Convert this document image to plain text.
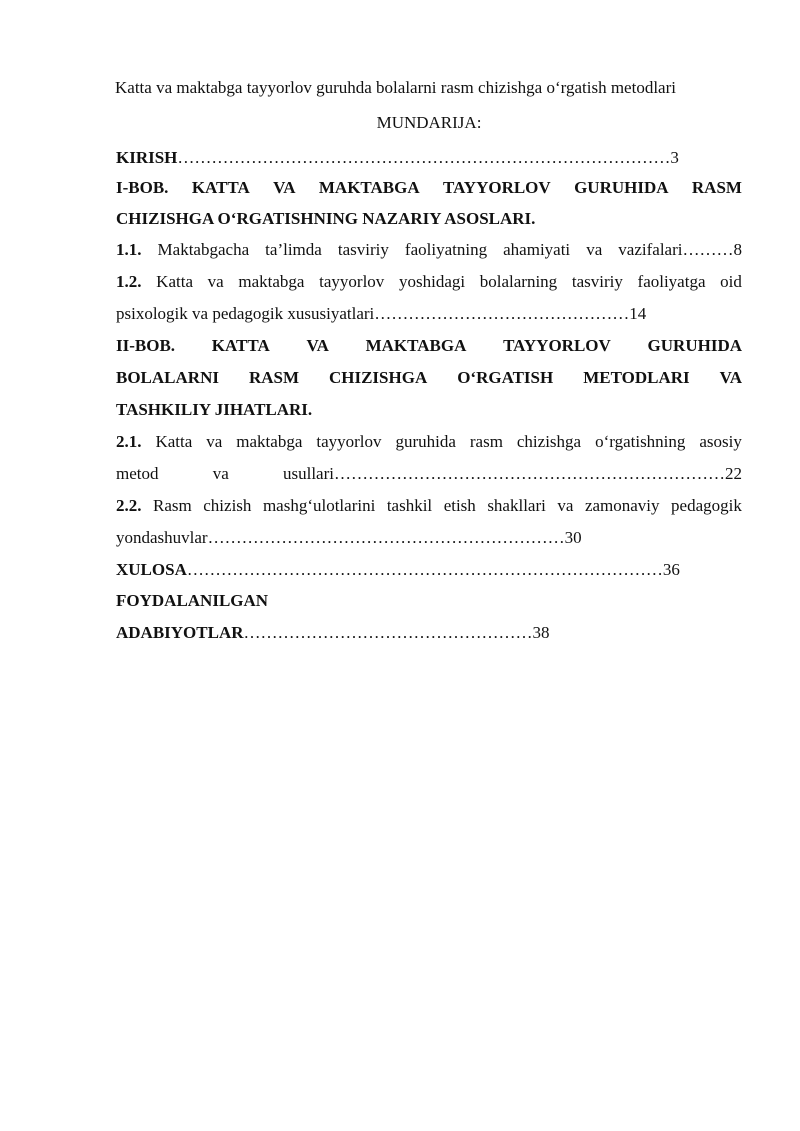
Katta va maktabga tayyorlov guruhda bolalarni rasm chizishga o‘rgatish metodlari
MUNDARIJA:
KIRISH……………………………………………………………………………3
I-BOB. KATTA VA MAKTABGA TAYYORLOV GURUHIDA RASM
CHIZISHGA O‘RGATISHNING NAZARIY ASOSLARI.
1.1. Maktabgacha ta’limda tasviriy faoliyatning ahamiyati va vazifalari………8
1.2. Katta va maktabga tayyorlov yoshidagi bolalarning tasviriy faoliyatga oid
psixologik va pedagogik xususiyatlari………………………………………14
II-BOB. KATTA VA MAKTABGA TAYYORLOV GURUHIDA
BOLALARNI RASM CHIZISHGA O‘RGATISH METODLARI VA
TASHKILIY JIHATLARI.
2.1. Katta va maktabga tayyorlov guruhida rasm chizishga o‘rgatishning asosiy
metod	va	usullari……………………………………………………………22
2.2. Rasm chizish mashg‘ulotlarini tashkil etish shakllari va zamonaviy pedagogik
yondashuvlar………………………………………………………30
XULOSA…………………………………………………………………………36
FOYDALANILGAN
ADABIYOTLAR……………………………………………38
